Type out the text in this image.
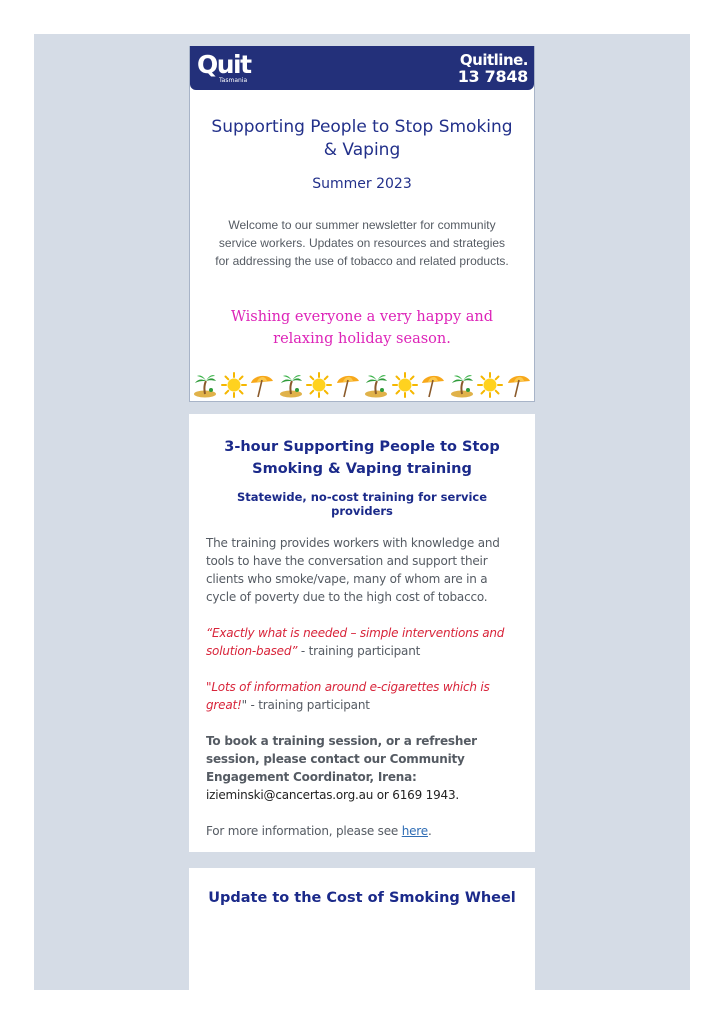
Quit
Tasmania
Quitline.
13 7848
Supporting People to Stop Smoking & Vaping
Summer 2023
Welcome to our summer newsletter for community service workers. Updates on resources and strategies for addressing the use of tobacco and related products.
Wishing everyone a very happy and relaxing holiday season.
3-hour Supporting People to Stop Smoking & Vaping training
Statewide, no-cost training for service providers

The training provides workers with knowledge and tools to have the conversation and support their clients who smoke/vape, many of whom are in a cycle of poverty due to the high cost of tobacco.

“Exactly what is needed – simple interventions and solution-based” - training participant

"Lots of information around e-cigarettes which is great!" - training participant

To book a training session, or a refresher session, please contact our Community Engagement Coordinator, Irena: izieminski@cancertas.org.au or 6169 1943.

For more information, please see here.

Update to the Cost of Smoking Wheel
